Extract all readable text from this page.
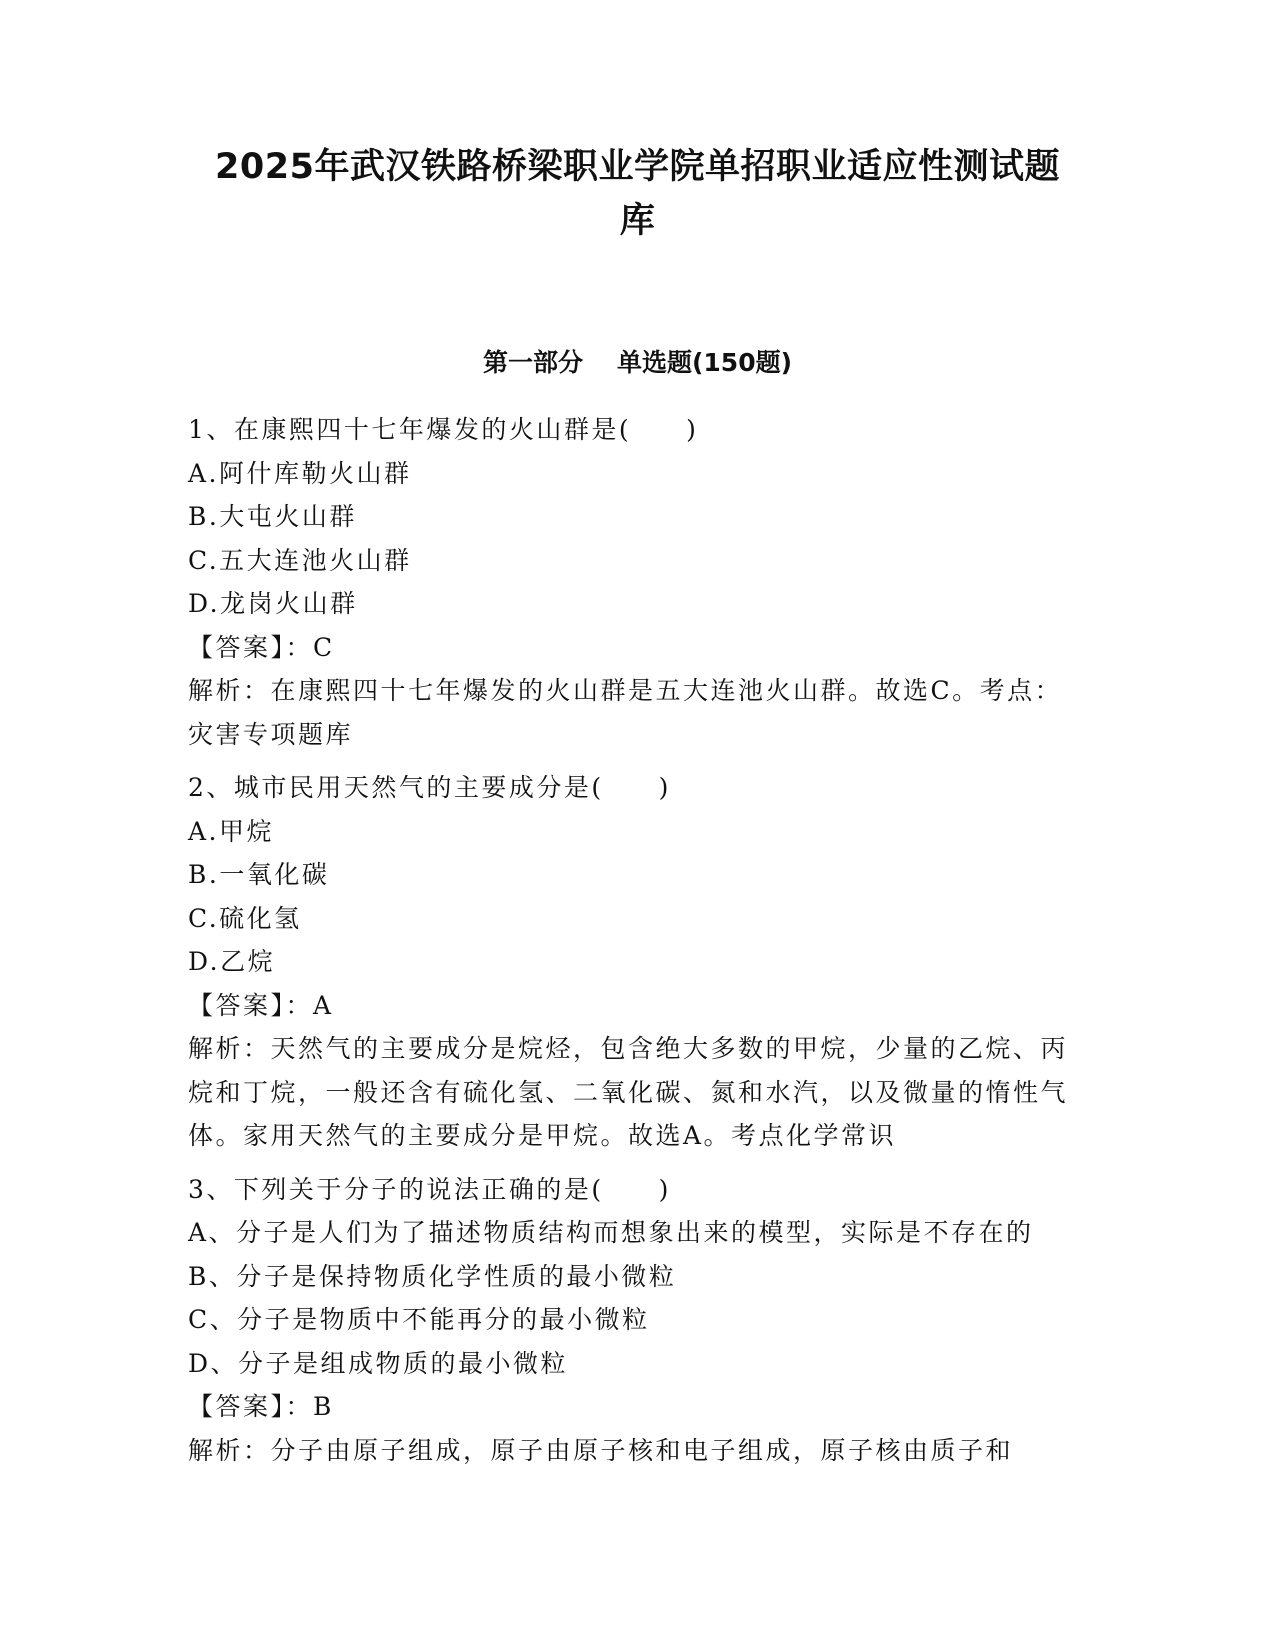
2025年武汉铁路桥梁职业学院单招职业适应性测试题
库
第一部分 单选题(150题)
1、在康熙四十七年爆发的火山群是(　　)
A.阿什库勒火山群
B.大屯火山群
C.五大连池火山群
D.龙岗火山群
【答案】：C
解析：在康熙四十七年爆发的火山群是五大连池火山群。故选C。考点：灾害专项题库
2、城市民用天然气的主要成分是(　　)
A.甲烷
B.一氧化碳
C.硫化氢
D.乙烷
【答案】：A
解析：天然气的主要成分是烷烃，包含绝大多数的甲烷，少量的乙烷、丙烷和丁烷，一般还含有硫化氢、二氧化碳、氮和水汽，以及微量的惰性气体。家用天然气的主要成分是甲烷。故选A。考点化学常识
3、下列关于分子的说法正确的是(　　)
A、分子是人们为了描述物质结构而想象出来的模型，实际是不存在的
B、分子是保持物质化学性质的最小微粒
C、分子是物质中不能再分的最小微粒
D、分子是组成物质的最小微粒
【答案】：B
解析：分子由原子组成，原子由原子核和电子组成，原子核由质子和
